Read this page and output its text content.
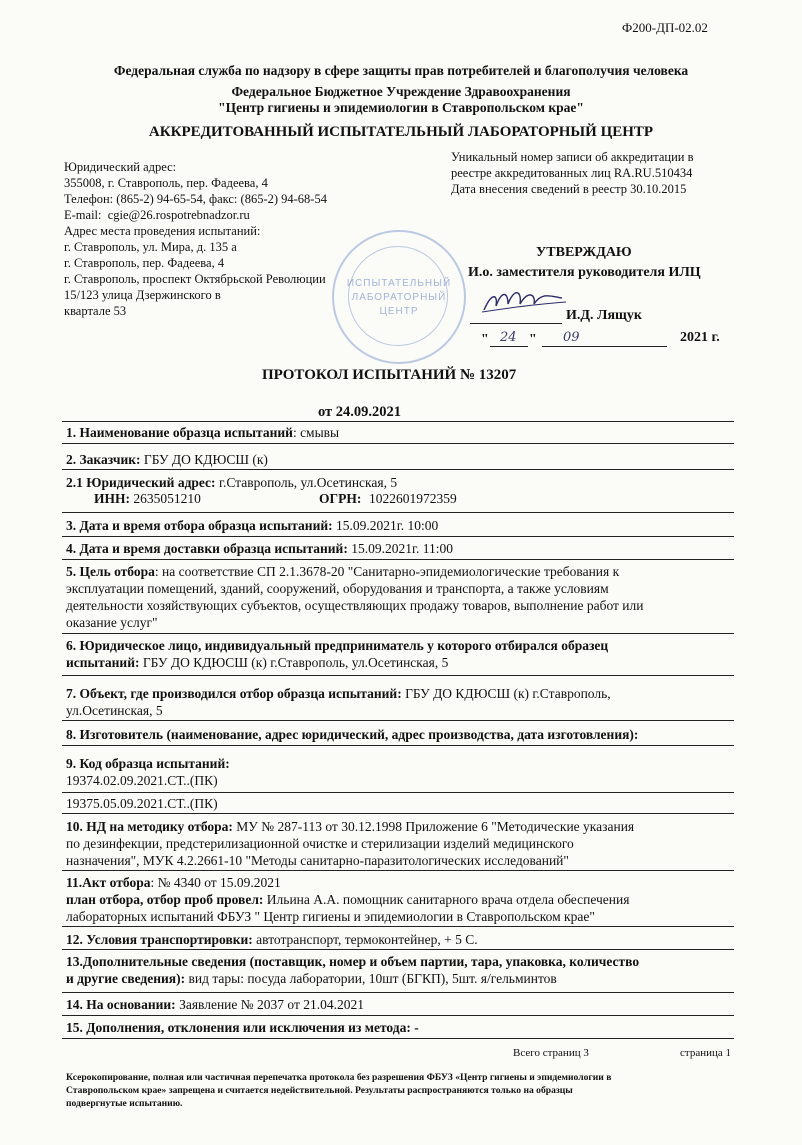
Ф200-ДП-02.02
Федеральная служба по надзору в сфере защиты прав потребителей и благополучия человека
Федеральное Бюджетное Учреждение Здравоохранения
"Центр гигиены и эпидемиологии в Ставропольском крае"
АККРЕДИТОВАННЫЙ ИСПЫТАТЕЛЬНЫЙ ЛАБОРАТОРНЫЙ ЦЕНТР
ИСПЫТАТЕЛЬНЫЙ
ЛАБОРАТОРНЫЙ
ЦЕНТР
Юридический адрес:
355008, г. Ставрополь, пер. Фадеева, 4
Телефон: (865-2) 94-65-54, факс: (865-2) 94-68-54
E-mail: cgie@26.rospotrebnadzor.ru
Адрес места проведения испытаний:
г. Ставрополь, ул. Мира, д. 135 а
г. Ставрополь, пер. Фадеева, 4
г. Ставрополь, проспект Октябрьской Революции
15/123 улица Дзержинского в
квартале 53
Уникальный номер записи об аккредитации в
реестре аккредитованных лиц RA.RU.510434
Дата внесения сведений в реестр 30.10.2015
УТВЕРЖДАЮ
И.о. заместителя руководителя ИЛЦ
И.Д. Лящук
" 24 " 09	2021 г.
ПРОТОКОЛ ИСПЫТАНИЙ № 13207
от 24.09.2021
1. Наименование образца испытаний: смывы
2. Заказчик: ГБУ ДО КДЮСШ (к)
2.1 Юридический адрес: г.Ставрополь, ул.Осетинская, 5
ИНН: 2635051210	ОГРН: 1022601972359
3. Дата и время отбора образца испытаний: 15.09.2021г. 10:00
4. Дата и время доставки образца испытаний: 15.09.2021г. 11:00
5. Цель отбора: на соответствие СП 2.1.3678-20 "Санитарно-эпидемиологические требования к
эксплуатации помещений, зданий, сооружений, оборудования и транспорта, а также условиям
деятельности хозяйствующих субъектов, осуществляющих продажу товаров, выполнение работ или
оказание услуг"
6. Юридическое лицо, индивидуальный предприниматель у которого отбирался образец
испытаний: ГБУ ДО КДЮСШ (к) г.Ставрополь, ул.Осетинская, 5
7. Объект, где производился отбор образца испытаний: ГБУ ДО КДЮСШ (к) г.Ставрополь,
ул.Осетинская, 5
8. Изготовитель (наименование, адрес юридический, адрес производства, дата изготовления):
9. Код образца испытаний:
19374.02.09.2021.СТ..(ПК)
19375.05.09.2021.СТ..(ПК)
10. НД на методику отбора: МУ № 287-113 от 30.12.1998 Приложение 6 "Методические указания
по дезинфекции, предстерилизационной очистке и стерилизации изделий медицинского
назначения", МУК 4.2.2661-10 "Методы санитарно-паразитологических исследований"
11.Акт отбора: № 4340 от 15.09.2021
план отбора, отбор проб провел: Ильина А.А. помощник санитарного врача отдела обеспечения
лабораторных испытаний ФБУЗ " Центр гигиены и эпидемиологии в Ставропольском крае"
12. Условия транспортировки: автотранспорт, термоконтейнер, + 5 С.
13.Дополнительные сведения (поставщик, номер и объем партии, тара, упаковка, количество
и другие сведения): вид тары: посуда лаборатории, 10шт (БГКП), 5шт. я/гельминтов
14. На основании: Заявление № 2037 от 21.04.2021
15. Дополнения, отклонения или исключения из метода: -
Всего страниц 3	страница 1
Ксерокопирование, полная или частичная перепечатка протокола без разрешения ФБУЗ «Центр гигиены и эпидемиологии в
Ставропольском крае» запрещена и считается недействительной. Результаты распространяются только на образцы
подвергнутые испытанию.
